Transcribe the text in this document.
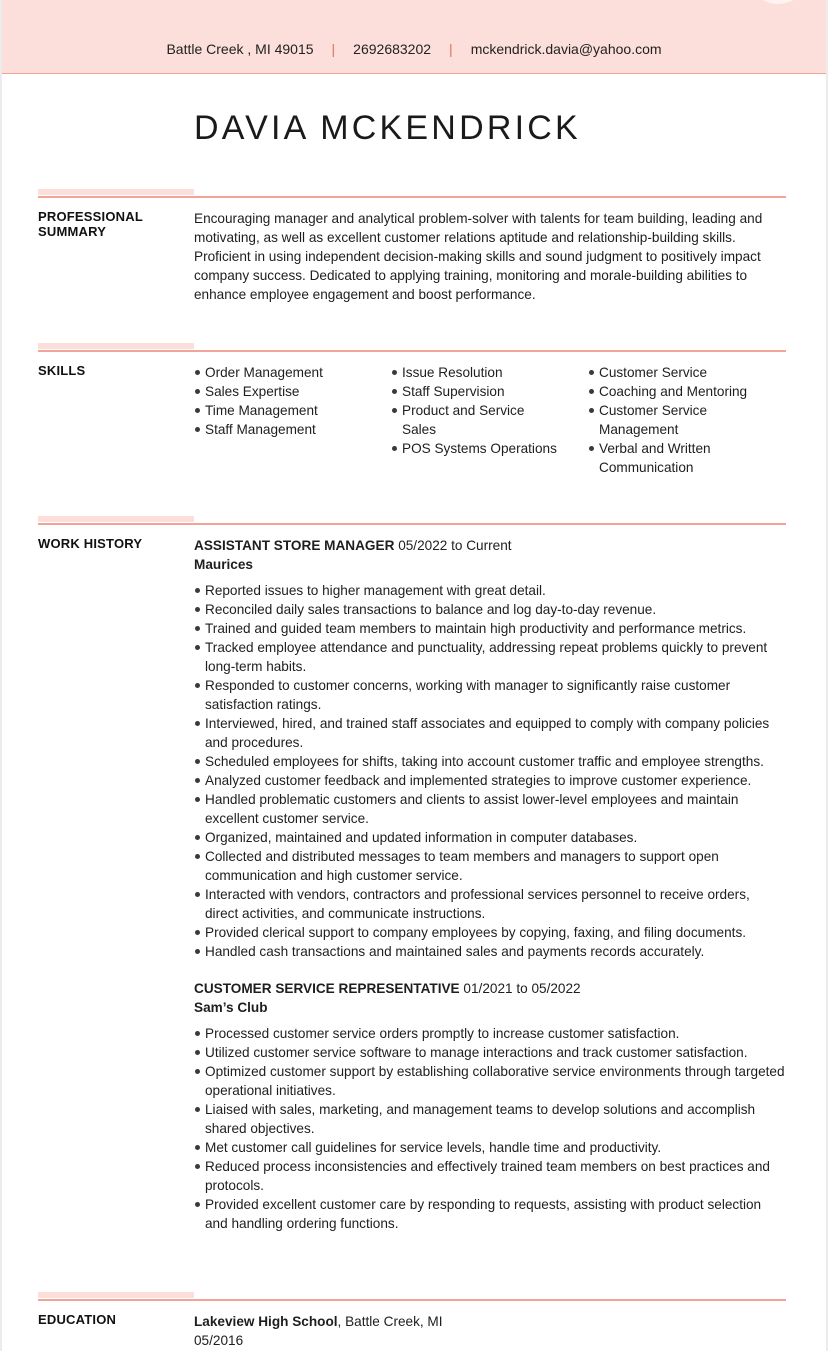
Battle Creek , MI 49015 | 2692683202 | mckendrick.davia@yahoo.com
DAVIA MCKENDRICK
PROFESSIONAL SUMMARY

Encouraging manager and analytical problem-solver with talents for team building, leading and motivating, as well as excellent customer relations aptitude and relationship-building skills. Proficient in using independent decision-making skills and sound judgment to positively impact company success. Dedicated to applying training, monitoring and morale-building abilities to enhance employee engagement and boost performance.

SKILLS	Order Management
Sales Expertise
Time Management
Staff Management
Issue Resolution
Staff Supervision
Product and Service Sales
POS Systems Operations
Customer Service
Coaching and Mentoring
Customer Service Management
Verbal and Written Communication
WORK HISTORY	ASSISTANT STORE MANAGER 05/2022 to Current
Maurices
Reported issues to higher management with great detail.
Reconciled daily sales transactions to balance and log day-to-day revenue.
Trained and guided team members to maintain high productivity and performance metrics.
Tracked employee attendance and punctuality, addressing repeat problems quickly to prevent long-term habits.
Responded to customer concerns, working with manager to significantly raise customer satisfaction ratings.
Interviewed, hired, and trained staff associates and equipped to comply with company policies and procedures.
Scheduled employees for shifts, taking into account customer traffic and employee strengths.
Analyzed customer feedback and implemented strategies to improve customer experience.
Handled problematic customers and clients to assist lower-level employees and maintain excellent customer service.
Organized, maintained and updated information in computer databases.
Collected and distributed messages to team members and managers to support open communication and high customer service.
Interacted with vendors, contractors and professional services personnel to receive orders, direct activities, and communicate instructions.
Provided clerical support to company employees by copying, faxing, and filing documents.
Handled cash transactions and maintained sales and payments records accurately.
CUSTOMER SERVICE REPRESENTATIVE 01/2021 to 05/2022
Sam’s Club
Processed customer service orders promptly to increase customer satisfaction.
Utilized customer service software to manage interactions and track customer satisfaction.
Optimized customer support by establishing collaborative service environments through targeted operational initiatives.
Liaised with sales, marketing, and management teams to develop solutions and accomplish shared objectives.
Met customer call guidelines for service levels, handle time and productivity.
Reduced process inconsistencies and effectively trained team members on best practices and protocols.
Provided excellent customer care by responding to requests, assisting with product selection and handling ordering functions.
EDUCATION	Lakeview High School, Battle Creek, MI
05/2016
